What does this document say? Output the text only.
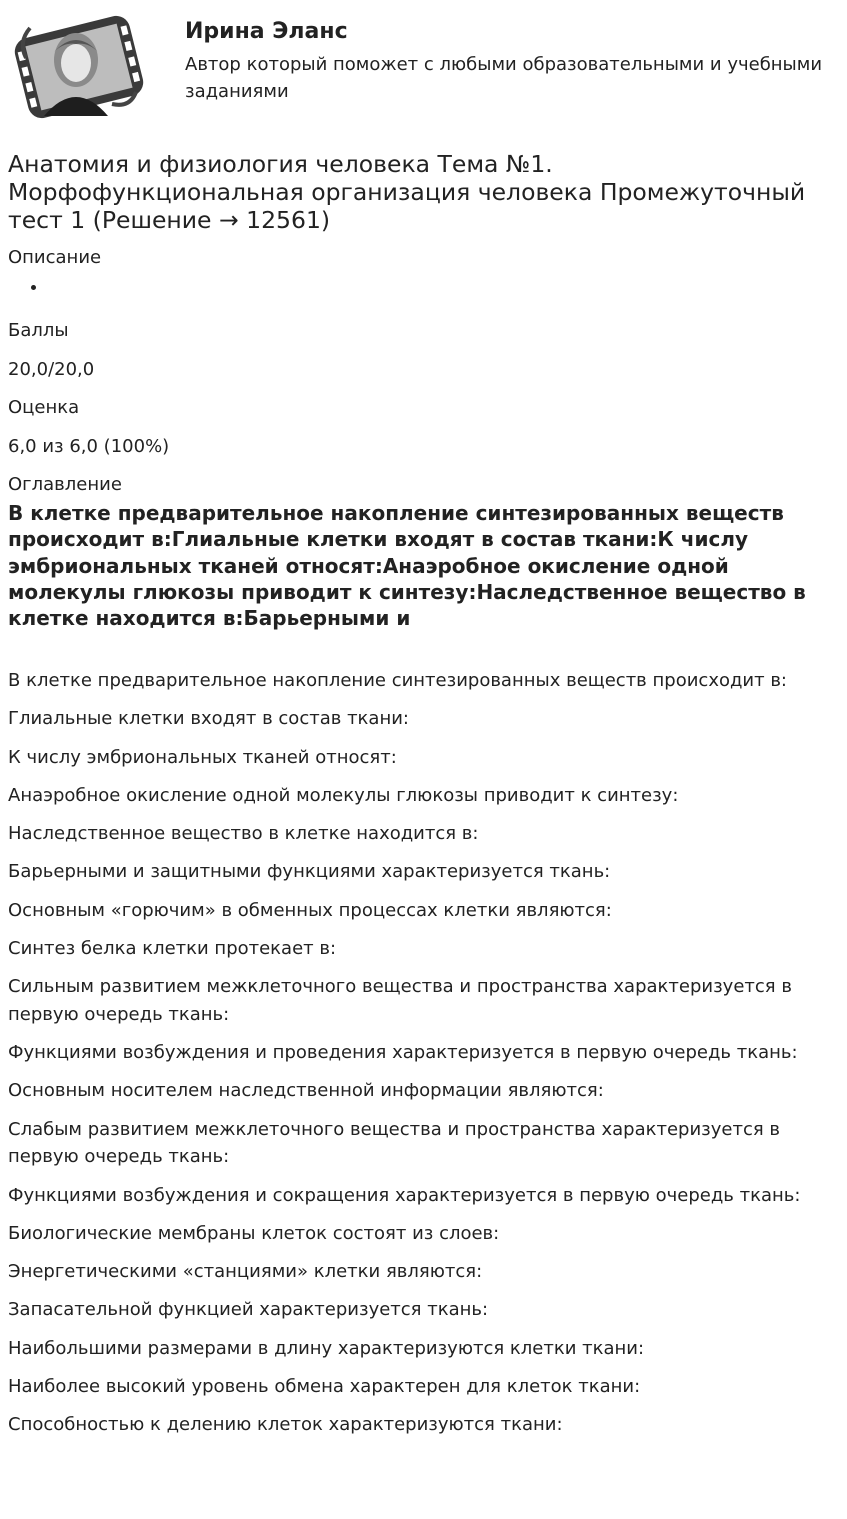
Ирина Эланс

Автор который поможет с любыми образовательными и учебными заданиями

Анатомия и физиология человека Тема №1. Морфофункциональная организация человека Промежуточный тест 1 (Решение → 12561)

Описание

Баллы

20,0/20,0

Оценка

6,0 из 6,0 (100%)

Оглавление

В клетке предварительное накопление синтезированных веществ происходит в:Глиальные клетки входят в состав ткани:К числу эмбриональных тканей относят:Анаэробное окисление одной молекулы глюкозы приводит к синтезу:Наследственное вещество в клетке находится в:Барьерными и
В клетке предварительное накопление синтезированных веществ происходит в:
Глиальные клетки входят в состав ткани:
К числу эмбриональных тканей относят:
Анаэробное окисление одной молекулы глюкозы приводит к синтезу:
Наследственное вещество в клетке находится в:
Барьерными и защитными функциями характеризуется ткань:
Основным «горючим» в обменных процессах клетки являются:
Синтез белка клетки протекает в:
Сильным развитием межклеточного вещества и пространства характеризуется в первую очередь ткань:
Функциями возбуждения и проведения характеризуется в первую очередь ткань:
Основным носителем наследственной информации являются:
Слабым развитием межклеточного вещества и пространства характеризуется в первую очередь ткань:
Функциями возбуждения и сокращения характеризуется в первую очередь ткань:
Биологические мембраны клеток состоят из слоев:
Энергетическими «станциями» клетки являются:
Запасательной функцией характеризуется ткань:
Наибольшими размерами в длину характеризуются клетки ткани:
Наиболее высокий уровень обмена характерен для клеток ткани:
Способностью к делению клеток характеризуются ткани:
